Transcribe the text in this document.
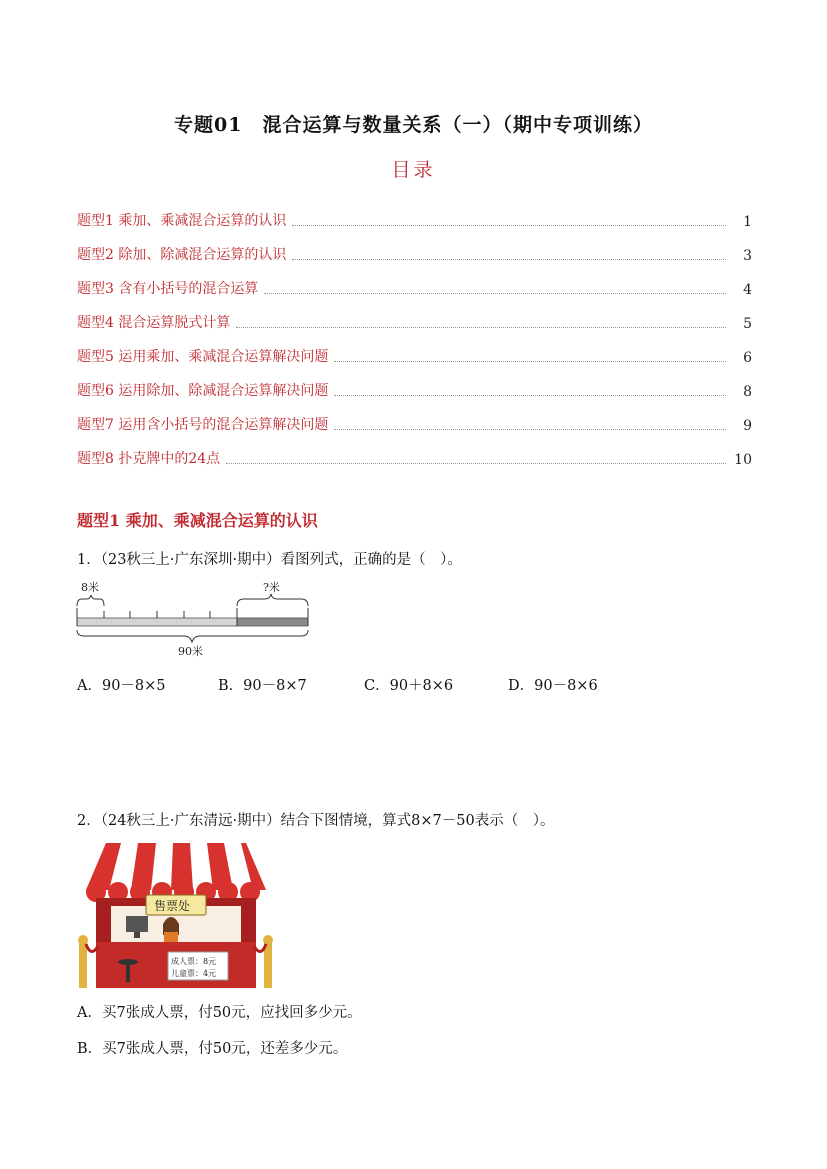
专题01　混合运算与数量关系（一）（期中专项训练）
目录
题型1 乘加、乘减混合运算的认识	1
题型2 除加、除减混合运算的认识	3
题型3 含有小括号的混合运算	4
题型4 混合运算脱式计算	5
题型5 运用乘加、乘减混合运算解决问题	6
题型6 运用除加、除减混合运算解决问题	8
题型7 运用含小括号的混合运算解决问题	9
题型8 扑克牌中的24点	10
题型1 乘加、乘减混合运算的认识
1．（23秋三上·广东深圳·期中）看图列式，正确的是（　）。
8米	?米
90米
A．90－8×5	B．90－8×7	C．90＋8×6	D．90－8×6
2．（24秋三上·广东清远·期中）结合下图情境，算式8×7－50表示（　）。
售票处
成人票：8元
儿童票：4元
A．买7张成人票，付50元，应找回多少元。
B．买7张成人票，付50元，还差多少元。
